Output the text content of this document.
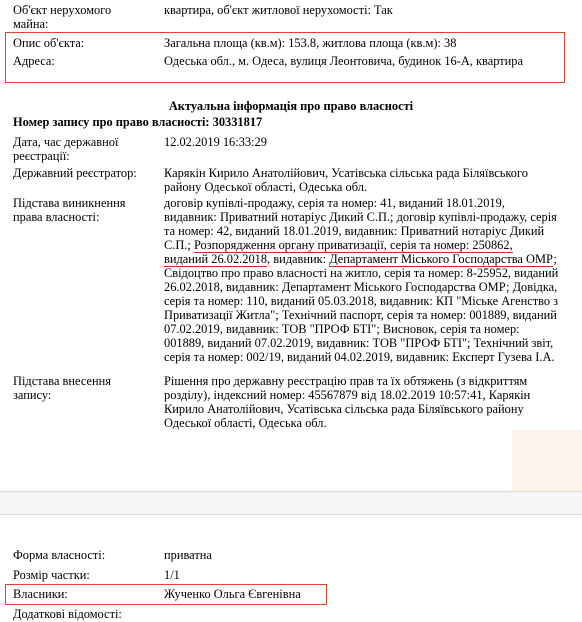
Об'єкт нерухомого майна:
квартира, об'єкт житлової нерухомості: Так
Опис об'єкта:	Загальна площа (кв.м): 153.8, житлова площа (кв.м): 38
Адреса:	Одеська обл., м. Одеса, вулиця Леонтовича, будинок 16-А, квартира
Актуальна інформація про право власності
Номер запису про право власності: 30331817
Дата, час державної реєстрації:
12.02.2019 16:33:29
Державний реєстратор:	Карякін Кирило Анатолійович, Усатівська сільська рада Біляївського району Одеської області, Одеська обл.
Підстава виникнення права власності:
договір купівлі-продажу, серія та номер: 41, виданий 18.01.2019, видавник: Приватний нотаріус Дикий С.П.; договір купівлі-продажу, серія та номер: 42, виданий 18.01.2019, видавник: Приватний нотаріус Дикий С.П.; Розпорядження органу приватизації, серія та номер: 250862, виданий 26.02.2018, видавник: Департамент Міського Господарства ОМР; Свідоцтво про право власності на житло, серія та номер: 8-25952, виданий 26.02.2018, видавник: Департамент Міського Господарства ОМР; Довідка, серія та номер: 110, виданий 05.03.2018, видавник: КП "Міське Агенство з Приватизації Житла"; Технічний паспорт, серія та номер: 001889, виданий 07.02.2019, видавник: ТОВ "ПРОФ БТІ"; Висновок, серія та номер: 001889, виданий 07.02.2019, видавник: ТОВ "ПРОФ БТІ"; Технічний звіт, серія та номер: 002/19, виданий 04.02.2019, видавник: Експерт Гузева І.А.
Підстава внесення запису:
Рішення про державну реєстрацію прав та їх обтяжень (з відкриттям розділу), індексний номер: 45567879 від 18.02.2019 10:57:41, Карякін Кирило Анатолійович, Усатівська сільська рада Біляївського району Одеської області, Одеська обл.
Форма власності:	приватна
Розмір частки:	1/1
Власники:	Жученко Ольга Євгенівна
Додаткові відомості:
